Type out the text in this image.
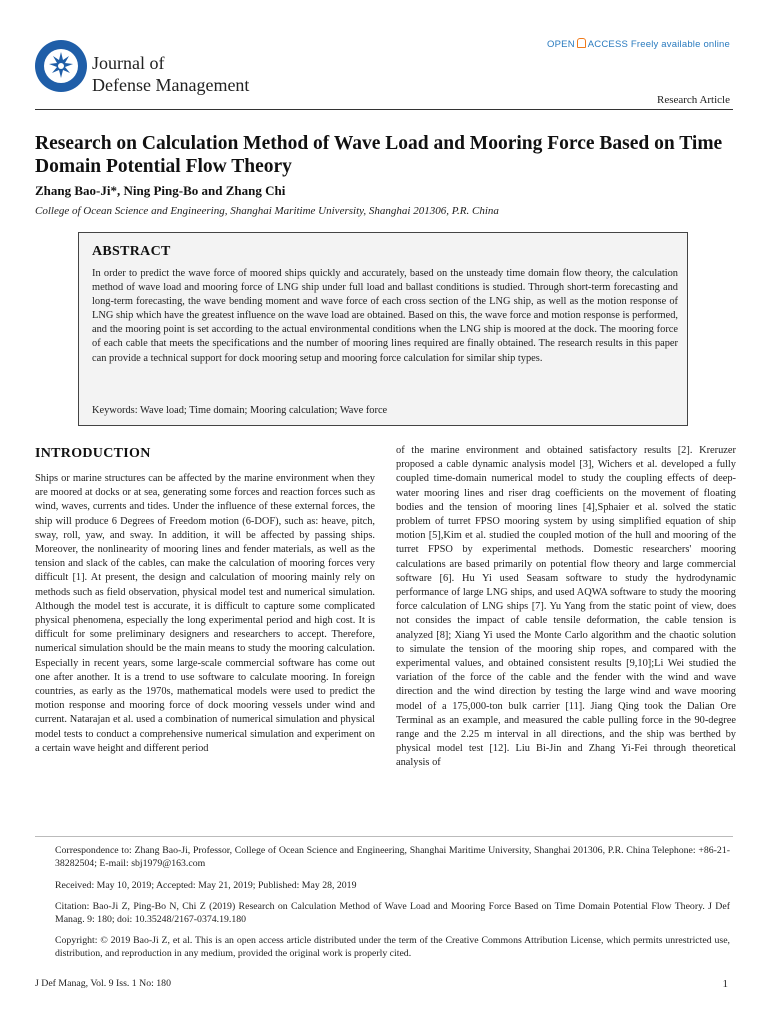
Journal of
Defense Management
OPEN ACCESS Freely available online
Research Article
Research on Calculation Method of Wave Load and Mooring Force Based on Time Domain Potential Flow Theory
Zhang Bao-Ji*, Ning Ping-Bo and Zhang Chi
College of Ocean Science and Engineering, Shanghai Maritime University, Shanghai 201306, P.R. China
ABSTRACT
In order to predict the wave force of moored ships quickly and accurately, based on the unsteady time domain flow theory, the calculation method of wave load and mooring force of LNG ship under full load and ballast conditions is studied. Through short-term forecasting and long-term forecasting, the wave bending moment and wave force of each cross section of the LNG ship, as well as the motion response of LNG ship which have the greatest influence on the wave load are obtained. Based on this, the wave force and motion response is performed, and the mooring point is set according to the actual environmental conditions when the LNG ship is moored at the dock. The mooring force of each cable that meets the specifications and the number of mooring lines required are finally obtained. The research results in this paper can provide a technical support for dock mooring setup and mooring force calculation for similar ship types.
Keywords: Wave load; Time domain; Mooring calculation; Wave force
INTRODUCTION
Ships or marine structures can be affected by the marine environment when they are moored at docks or at sea, generating some forces and reaction forces such as wind, waves, currents and tides. Under the influence of these external forces, the ship will produce 6 Degrees of Freedom motion (6-DOF), such as: heave, pitch, sway, roll, yaw, and sway. In addition, it will be affected by passing ships. Moreover, the nonlinearity of mooring lines and fender materials, as well as the tension and slack of the cables, can make the calculation of mooring forces very difficult [1]. At present, the design and calculation of mooring mainly rely on methods such as field observation, physical model test and numerical simulation. Although the model test is accurate, it is difficult to capture some complicated physical phenomena, especially the long experimental period and high cost. It is difficult for some preliminary designers and researchers to accept. Therefore, numerical simulation should be the main means to study the mooring calculation. Especially in recent years, some large-scale commercial software has come out one after another. It is a trend to use software to calculate mooring. In foreign countries, as early as the 1970s, mathematical models were used to predict the motion response and mooring force of dock mooring vessels under wind and current. Natarajan et al. used a combination of numerical simulation and physical model tests to conduct a comprehensive numerical simulation and experiment on a certain wave height and different period
of the marine environment and obtained satisfactory results [2]. Kreruzer proposed a cable dynamic analysis model [3], Wichers et al. developed a fully coupled time-domain numerical model to study the coupling effects of deep-water mooring lines and riser drag coefficients on the movement of floating bodies and the tension of mooring lines [4],Sphaier et al. solved the static problem of turret FPSO mooring system by using simplified equation of ship motion [5],Kim et al. studied the coupled motion of the hull and mooring of the turret FPSO by experimental methods. Domestic researchers' mooring calculations are based primarily on potential flow theory and large commercial software [6]. Hu Yi used Seasam software to study the hydrodynamic performance of large LNG ships, and used AQWA software to study the mooring force calculation of LNG ships [7]. Yu Yang from the static point of view, does not consides the impact of cable tensile deformation, the cable tension is analyzed [8]; Xiang Yi used the Monte Carlo algorithm and the chaotic solution to simulate the tension of the mooring ship ropes, and compared with the experimental values, and obtained consistent results [9,10];Li Wei studied the variation of the force of the cable and the fender with the wind and wave direction and the wind direction by testing the large wind and wave mooring model of a 175,000-ton bulk carrier [11]. Jiang Qing took the Dalian Ore Terminal as an example, and measured the cable pulling force in the 90-degree range and the 2.25 m interval in all directions, and the ship was berthed by physical model test [12]. Liu Bi-Jin and Zhang Yi-Fei through theoretical analysis of
Correspondence to: Zhang Bao-Ji, Professor, College of Ocean Science and Engineering, Shanghai Maritime University, Shanghai 201306, P.R. China Telephone: +86-21-38282504; E-mail: sbj1979@163.com
Received: May 10, 2019; Accepted: May 21, 2019; Published: May 28, 2019
Citation: Bao-Ji Z, Ping-Bo N, Chi Z (2019) Research on Calculation Method of Wave Load and Mooring Force Based on Time Domain Potential Flow Theory. J Def Manag. 9: 180; doi: 10.35248/2167-0374.19.180
Copyright: © 2019 Bao-Ji Z, et al. This is an open access article distributed under the term of the Creative Commons Attribution License, which permits unrestricted use, distribution, and reproduction in any medium, provided the original work is properly cited.
J Def Manag, Vol. 9 Iss. 1 No: 180	1
